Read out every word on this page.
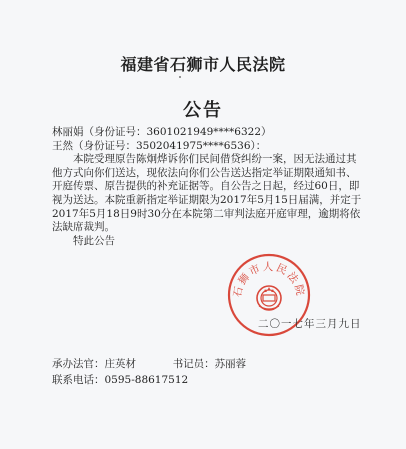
福建省石狮市人民法院
公告

林丽娟（身份证号：3601021949****6322）

王然（身份证号：3502041975****6536）：

本院受理原告陈炯烨诉你们民间借贷纠纷一案，因无法通过其他方式向你们送达，现依法向你们公告送达指定举证期限通知书、开庭传票、原告提供的补充证据等。自公告之日起，经过60日，即视为送达。本院重新指定举证期限为2017年5月15日届满，并定于2017年5月18日9时30分在本院第二审判法庭开庭审理，逾期将依法缺席裁判。

特此公告

石狮市人民法院
二〇一七年三月九日
承办法官：庄英材	书记员：苏丽蓉
联系电话：0595-88617512
